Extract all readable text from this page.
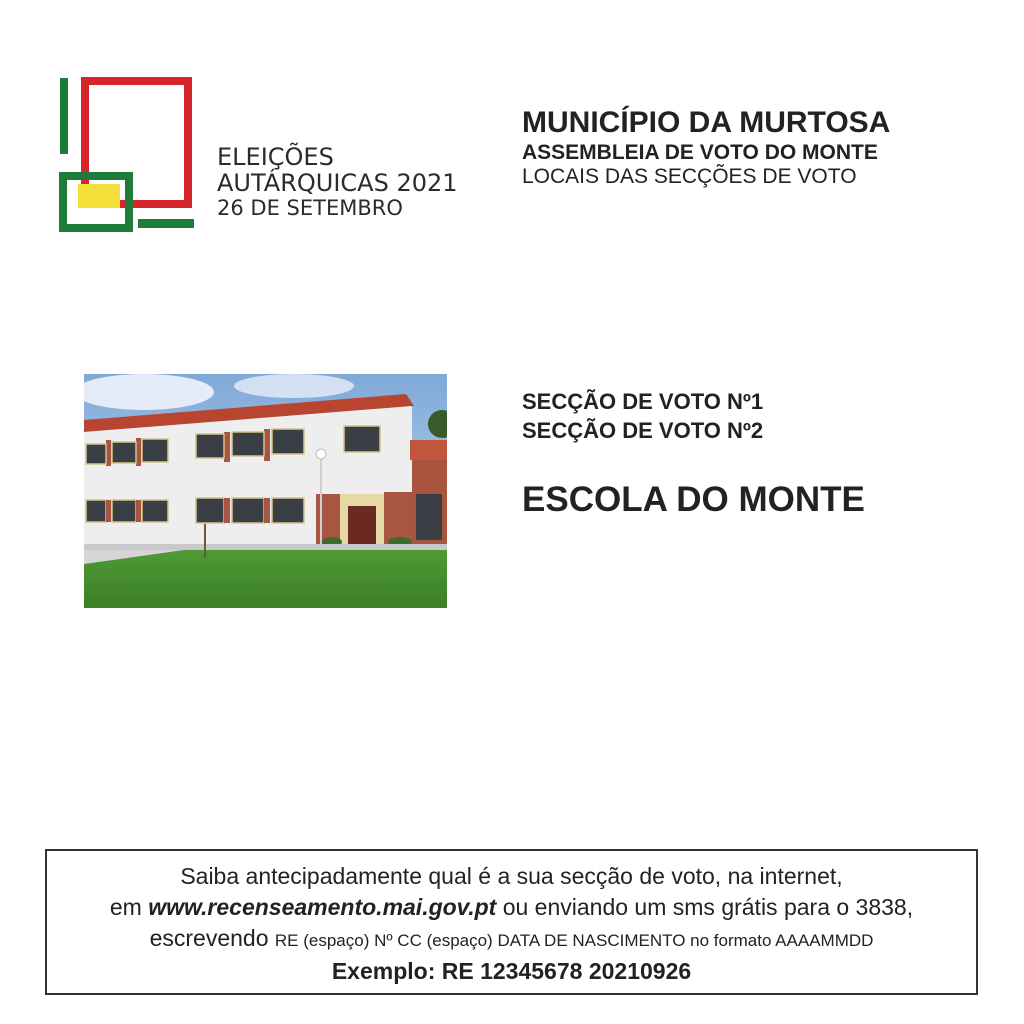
ELEIÇÕES
AUTÁRQUICAS 2021
26 DE SETEMBRO
MUNICÍPIO DA MURTOSA
ASSEMBLEIA DE VOTO DO MONTE
LOCAIS DAS SECÇÕES DE VOTO
SECÇÃO DE VOTO Nº1
SECÇÃO DE VOTO Nº2
ESCOLA DO MONTE
Saiba antecipadamente qual é a sua secção de voto, na internet,
em www.recenseamento.mai.gov.pt ou enviando um sms grátis para o 3838,
escrevendo RE (espaço) Nº CC (espaço) DATA DE NASCIMENTO no formato AAAAMMDD
Exemplo: RE 12345678 20210926
